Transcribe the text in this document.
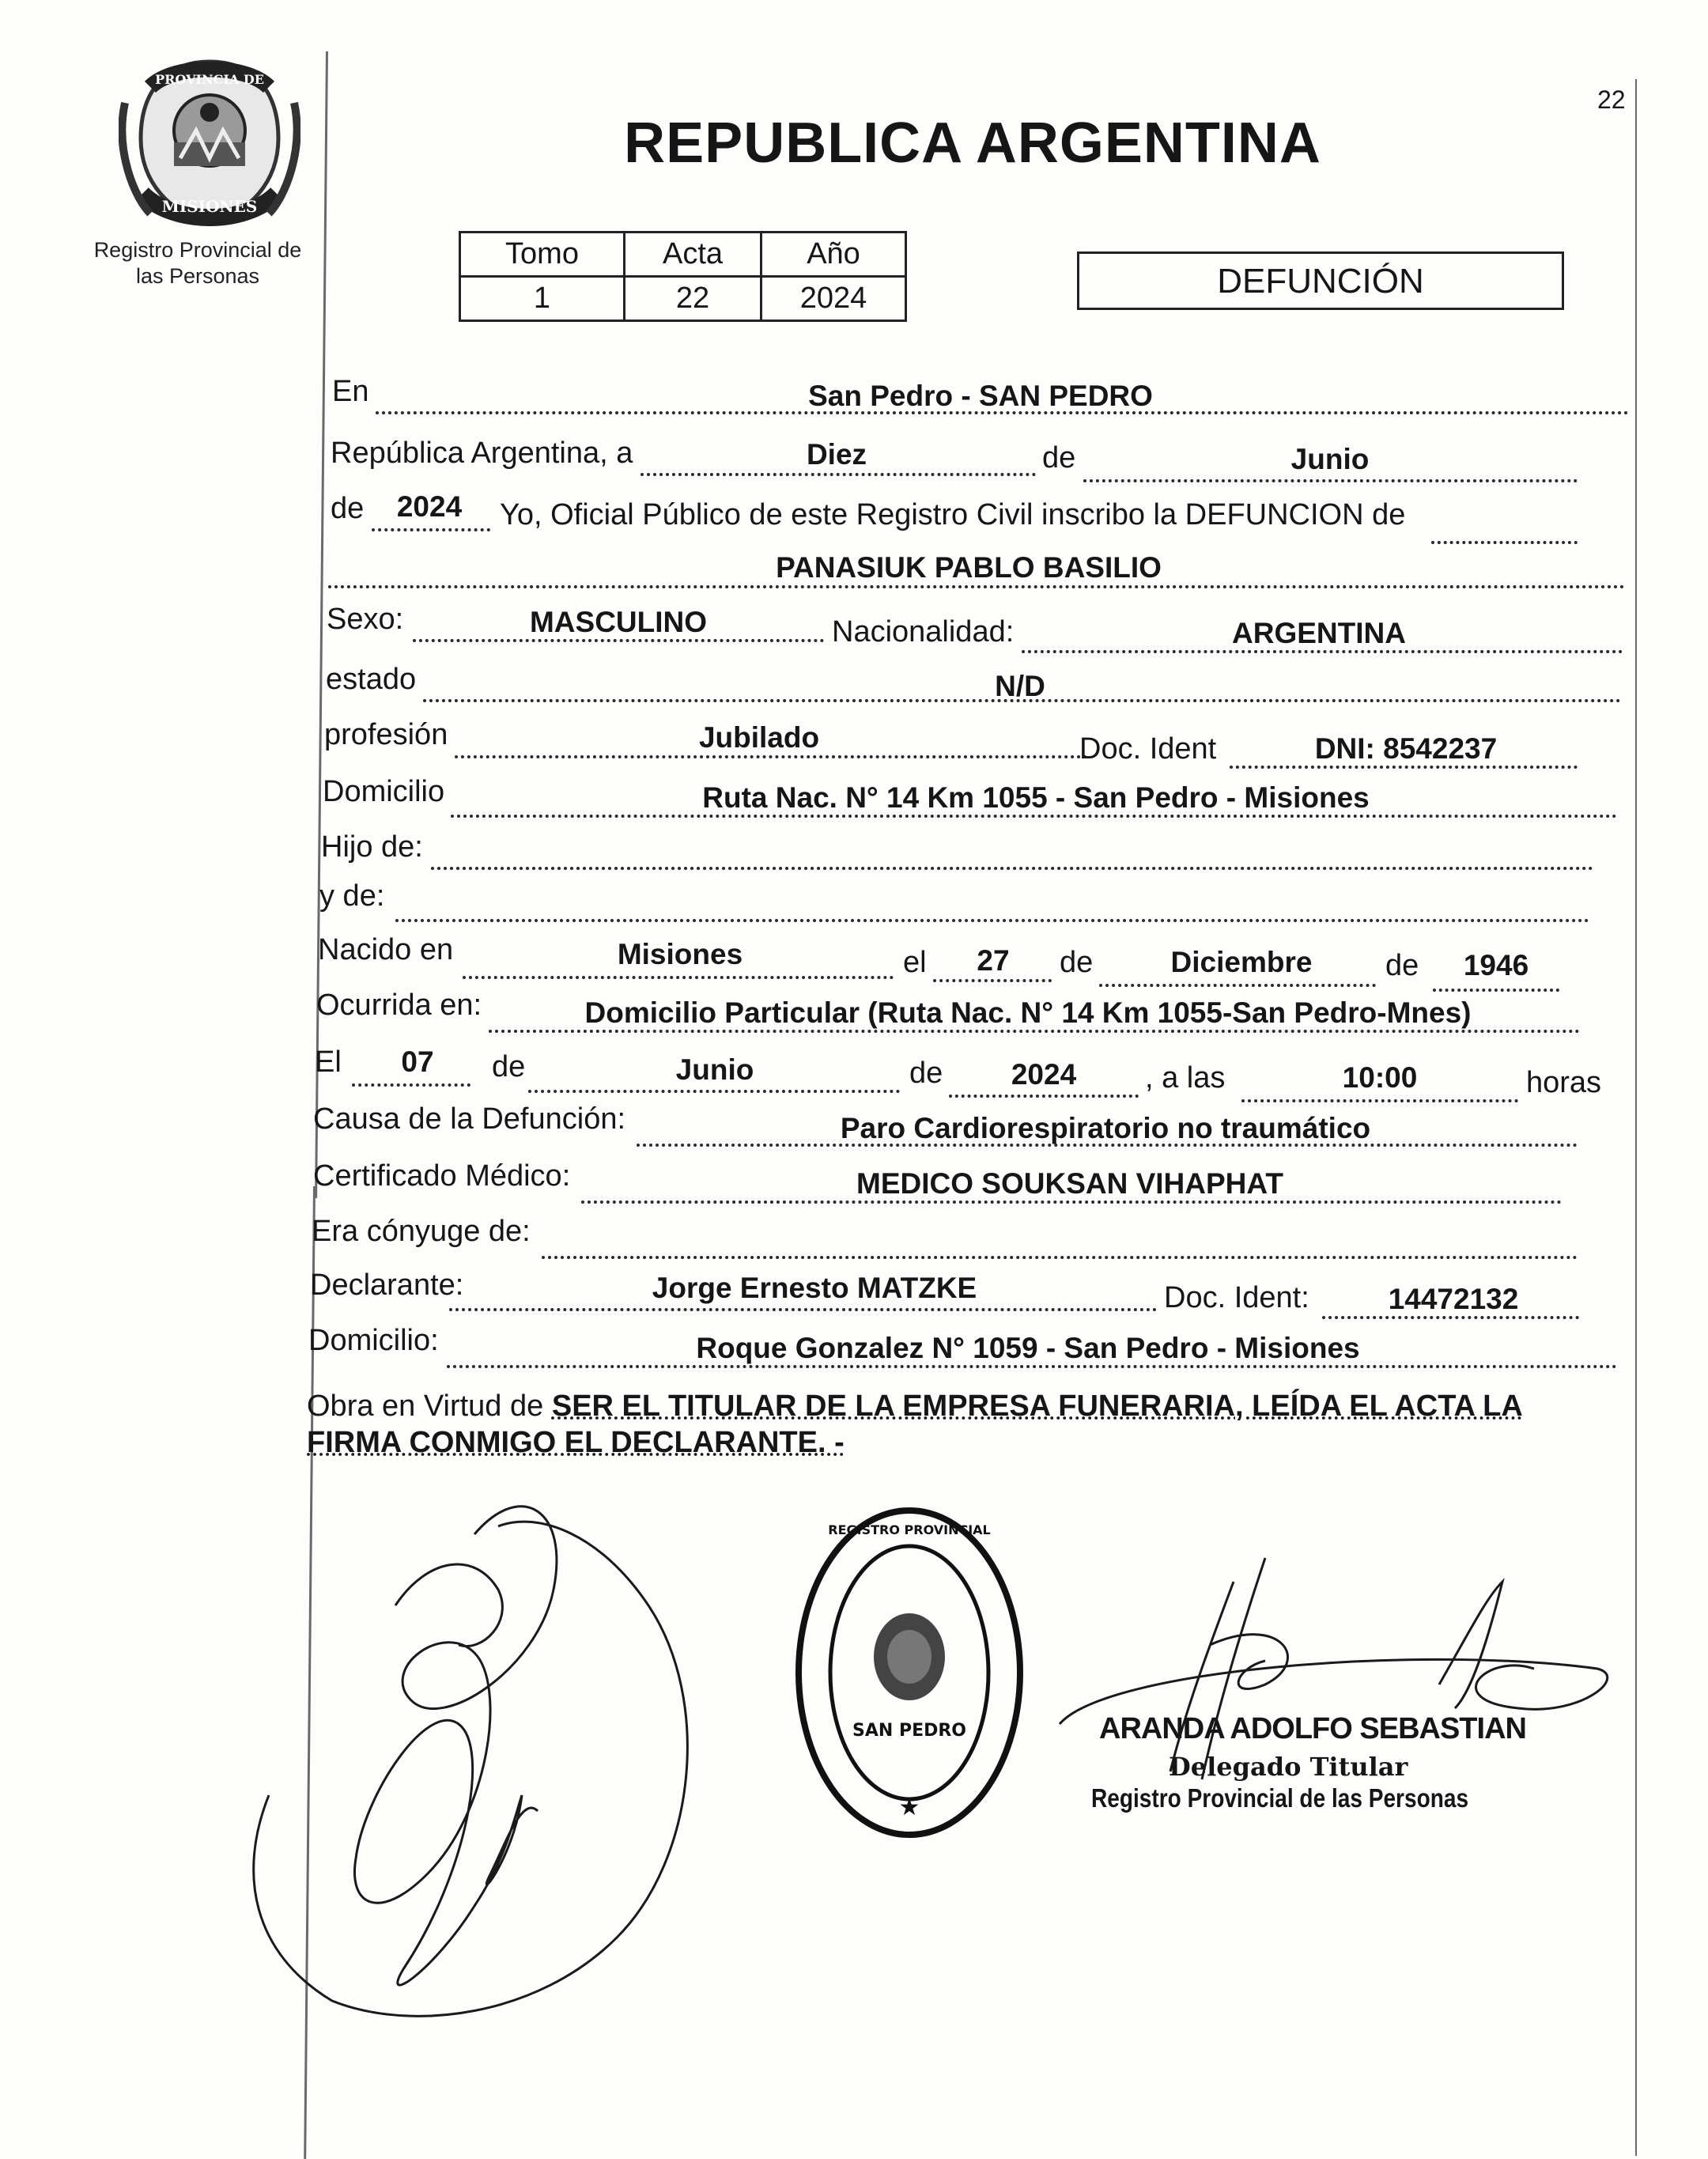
PROVINCIA DE
MISIONES
Registro Provincial de
las Personas
22
REPUBLICA ARGENTINA
Tomo	Acta	Año
1	22	2024	DEFUNCIÓN
En	San Pedro - SAN PEDRO
República Argentina, a	Diez	de	Junio
de 2024 Yo, Oficial Público de este Registro Civil inscribo la DEFUNCION de
PANASIUK PABLO BASILIO
Sexo:	MASCULINO	Nacionalidad:	ARGENTINA
estado	N/D
profesión	Jubilado	Doc. Ident	DNI: 8542237
Domicilio	Ruta Nac. N° 14 Km 1055 - San Pedro - Misiones
Hijo de:
y de:
Nacido en	Misiones	el 27 de	Diciembre de 1946
Ocurrida en:	Domicilio Particular (Ruta Nac. N° 14 Km 1055-San Pedro-Mnes)
El 07 de	Junio	de 2024 , a las	10:00	horas
Causa de la Defunción:	Paro Cardiorespiratorio no traumático
Certificado Médico:	MEDICO SOUKSAN VIHAPHAT
Era cónyuge de:
Declarante:	Jorge Ernesto MATZKE	Doc. Ident:	14472132
Domicilio:	Roque Gonzalez N° 1059 - San Pedro - Misiones
Obra en Virtud de SER EL TITULAR DE LA EMPRESA FUNERARIA, LEÍDA EL ACTA LA FIRMA CONMIGO EL DECLARANTE. -
SAN PEDRO
★
REGISTRO PROVINCIAL
ARANDA ADOLFO SEBASTIAN
Delegado Titular
Registro Provincial de las Personas
